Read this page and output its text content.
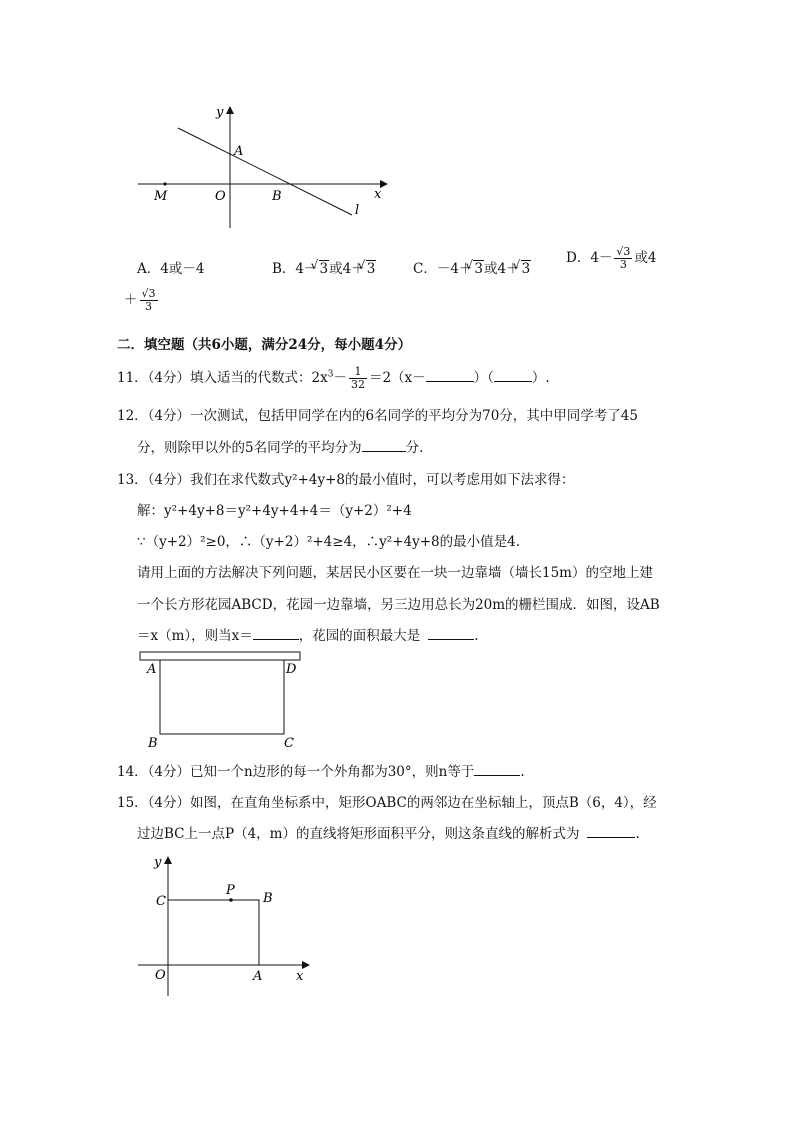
y
A
M	O	B	x
l
A．4或－4	B．4－ √ 3或4＋ √ 3	C．－4＋ √ 3或4＋ √ 3
D．$4- \frac{√3}{3}$ 或4
＋ $\frac{√3}{3}$
二．填空题（共6小题，满分24分，每小题4分）
11．（4分）填入适当的代数式：$2x^3- \frac{1}{32} =2(x-$	）（	）.
12．（4分）一次测试，包括甲同学在内的6名同学的平均分为70分，其中甲同学考了45
分，则除甲以外的5名同学的平均分为	分.
13．（4分）我们在求代数式y²+4y+8的最小值时，可以考虑用如下法求得：
解：y²+4y+8＝y²+4y+4+4＝（y+2）²+4
∵（y+2）²≥0，∴（y+2）²+4≥4，∴y²+4y+8的最小值是4.
请用上面的方法解决下列问题，某居民小区要在一块一边靠墙（墙长15m）的空地上建
一个长方形花园ABCD，花园一边靠墙，另三边用总长为20m的栅栏围成．如图，设AB
＝x（m），则当x＝	，花园的面积最大是	.
A	D
B	C
14．（4分）已知一个n边形的每一个外角都为30°，则n等于	.
15．（4分）如图，在直角坐标系中，矩形OABC的两邻边在坐标轴上，顶点B（6，4），经
过边BC上一点P（4，m）的直线将矩形面积平分，则这条直线的解析式为	.
y
P
C	B
O	A	x
